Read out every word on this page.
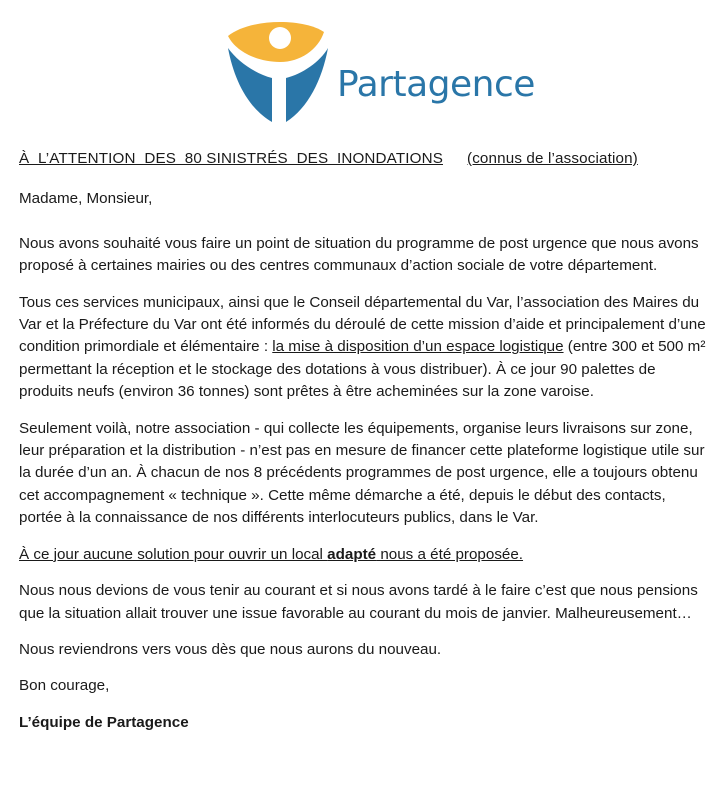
Partagence

À  L’ATTENTION  DES  80 SINISTRÉS  DES  INONDATIONS (connus de l’association)

Madame, Monsieur,

Nous avons souhaité vous faire un point de situation du programme de post urgence que nous avons proposé à certaines mairies ou des centres communaux d’action sociale de votre département.

Tous ces services municipaux, ainsi que le Conseil départemental du Var, l’association des Maires du Var et la Préfecture du Var ont été informés du déroulé de cette mission d’aide et principalement d’une condition primordiale et élémentaire : la mise à disposition d’un espace logistique (entre 300 et 500 m² permettant la réception et le stockage des dotations à vous distribuer). À ce jour 90 palettes de produits neufs (environ 36 tonnes) sont prêtes à être acheminées sur la zone varoise.

Seulement voilà, notre association - qui collecte les équipements, organise leurs livraisons sur zone, leur préparation et la distribution - n’est pas en mesure de financer cette plateforme logistique utile sur la durée d’un an. À chacun de nos 8 précédents programmes de post urgence, elle a toujours obtenu cet accompagnement « technique ». Cette même démarche a été, depuis le début des contacts, portée à la connaissance de nos différents interlocuteurs publics, dans le Var.

À ce jour aucune solution pour ouvrir un local adapté nous a été proposée.

Nous nous devions de vous tenir au courant et si nous avons tardé à le faire c’est que nous pensions que la situation allait trouver une issue favorable au courant du mois de janvier. Malheureusement…

Nous reviendrons vers vous dès que nous aurons du nouveau.

Bon courage,

L’équipe de Partagence
